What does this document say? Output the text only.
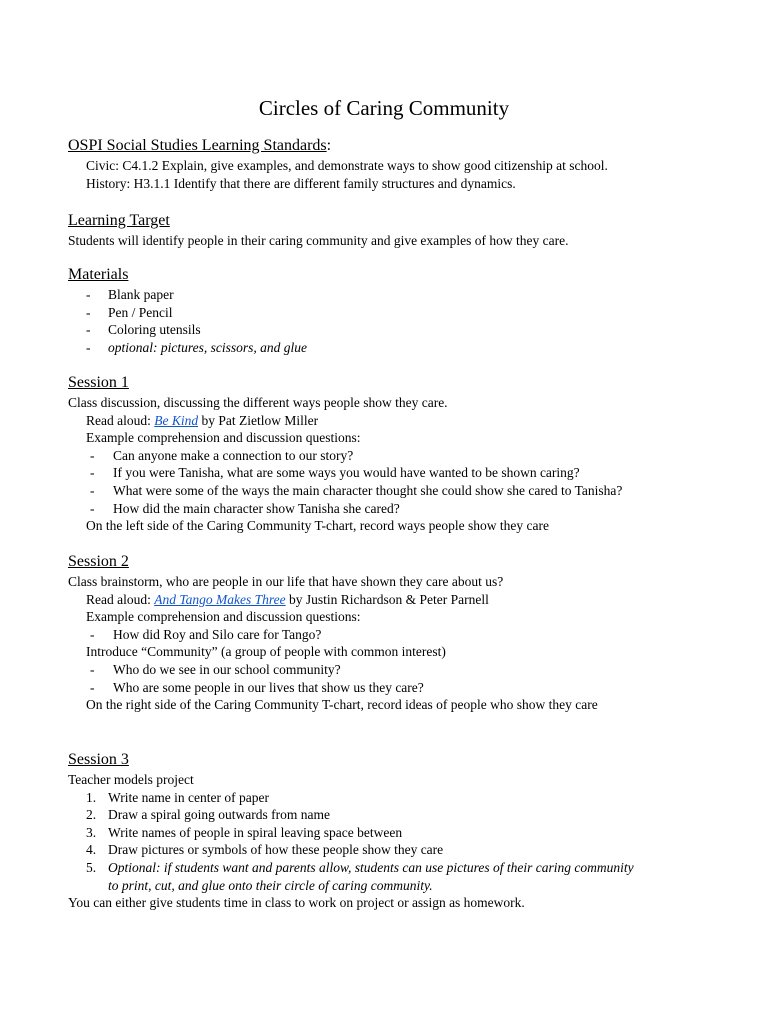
Circles of Caring Community
OSPI Social Studies Learning Standards:
Civic: C4.1.2 Explain, give examples, and demonstrate ways to show good citizenship at school.
History: H3.1.1 Identify that there are different family structures and dynamics.
Learning Target
Students will identify people in their caring community and give examples of how they care.
Materials
- Blank paper
- Pen / Pencil
- Coloring utensils
- optional: pictures, scissors, and glue
Session 1
Class discussion, discussing the different ways people show they care.
Read aloud: Be Kind by Pat Zietlow Miller
Example comprehension and discussion questions:
- Can anyone make a connection to our story?
- If you were Tanisha, what are some ways you would have wanted to be shown caring?
- What were some of the ways the main character thought she could show she cared to Tanisha?
- How did the main character show Tanisha she cared?
On the left side of the Caring Community T-chart, record ways people show they care
Session 2
Class brainstorm, who are people in our life that have shown they care about us?
Read aloud: And Tango Makes Three by Justin Richardson & Peter Parnell
Example comprehension and discussion questions:
- How did Roy and Silo care for Tango?
Introduce “Community” (a group of people with common interest)
- Who do we see in our school community?
- Who are some people in our lives that show us they care?
On the right side of the Caring Community T-chart, record ideas of people who show they care
Session 3
Teacher models project
1. Write name in center of paper
2. Draw a spiral going outwards from name
3. Write names of people in spiral leaving space between
4. Draw pictures or symbols of how these people show they care
5. Optional: if students want and parents allow, students can use pictures of their caring community
to print, cut, and glue onto their circle of caring community.
You can either give students time in class to work on project or assign as homework.
